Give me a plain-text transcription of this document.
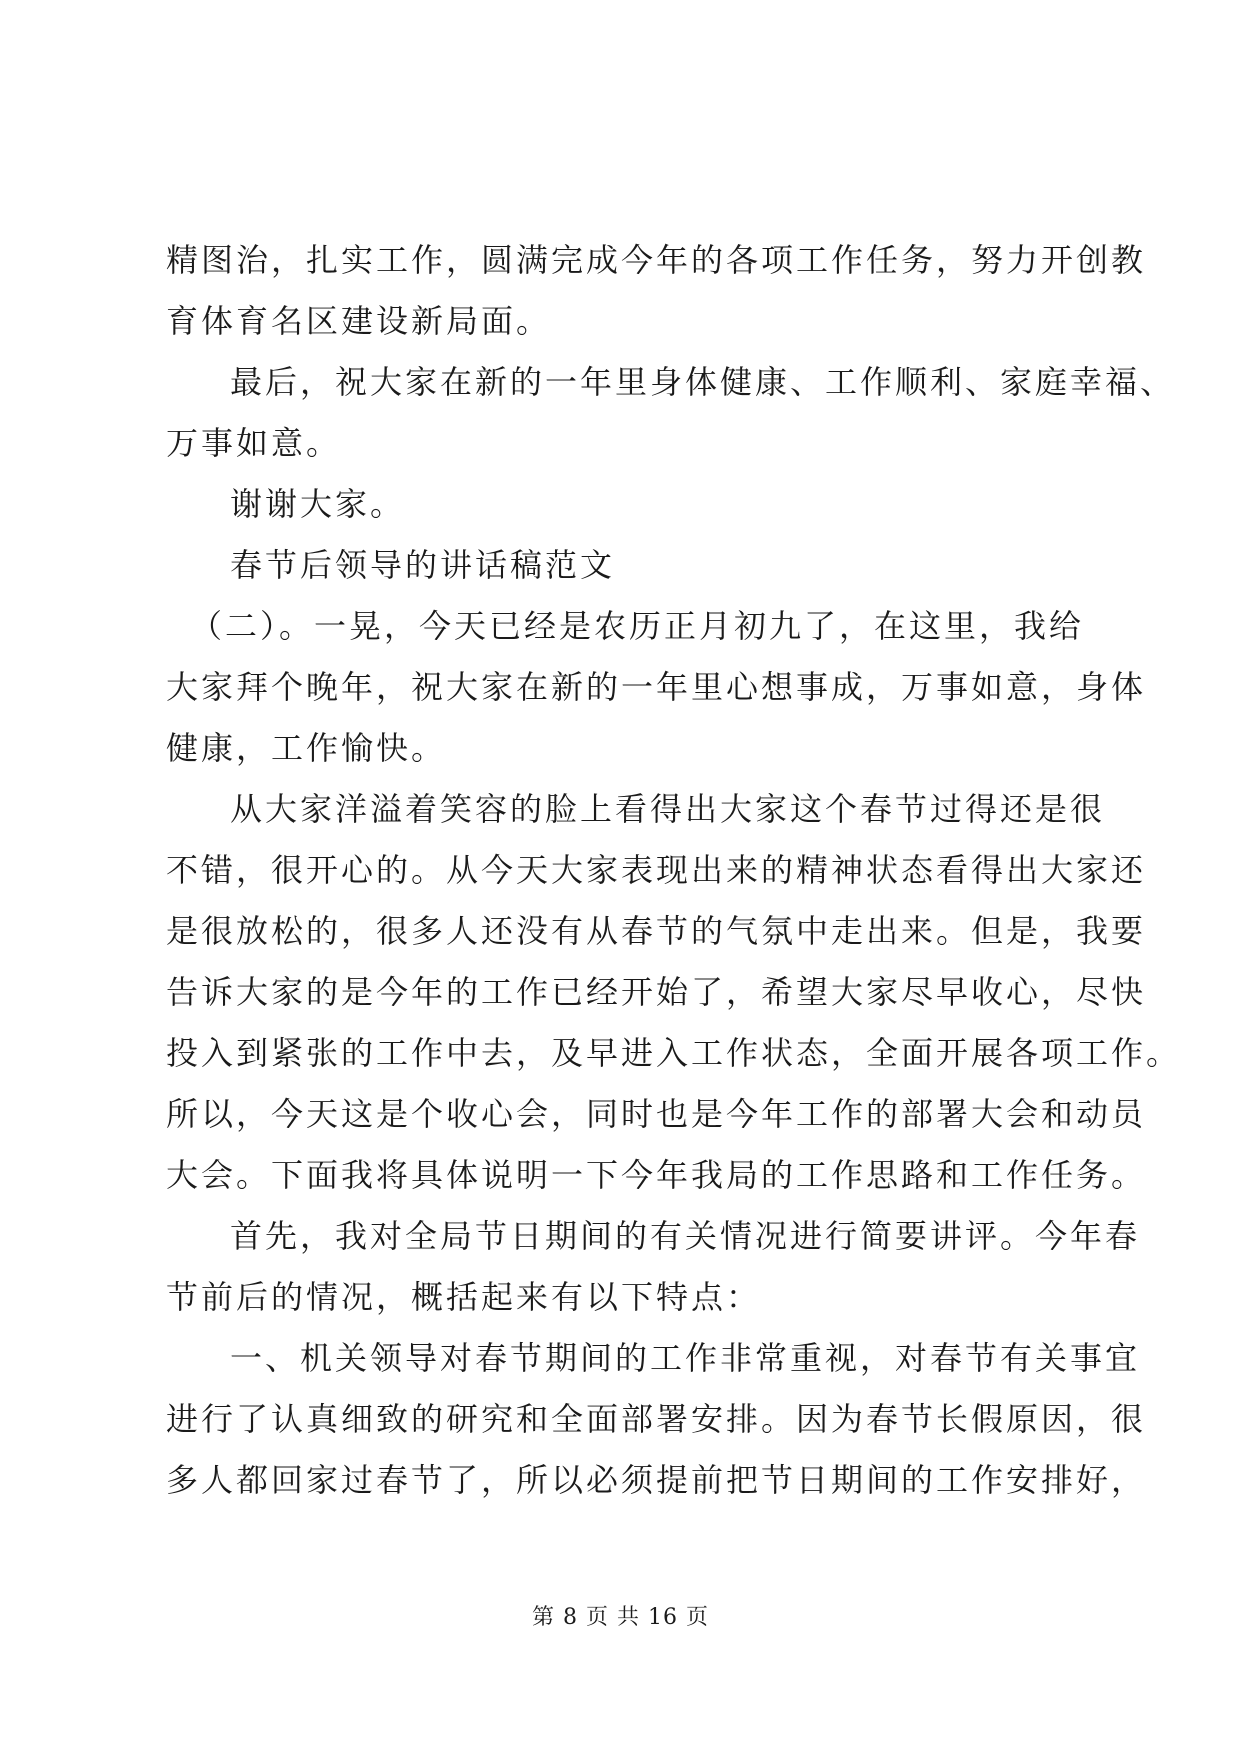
精图治，扎实工作，圆满完成今年的各项工作任务，努力开创教
育体育名区建设新局面。
最后，祝大家在新的一年里身体健康、工作顺利、家庭幸福、
万事如意。
谢谢大家。
春节后领导的讲话稿范文
（二）。一晃，今天已经是农历正月初九了，在这里，我给
大家拜个晚年，祝大家在新的一年里心想事成，万事如意，身体
健康，工作愉快。
从大家洋溢着笑容的脸上看得出大家这个春节过得还是很
不错，很开心的。从今天大家表现出来的精神状态看得出大家还
是很放松的，很多人还没有从春节的气氛中走出来。但是，我要
告诉大家的是今年的工作已经开始了，希望大家尽早收心，尽快
投入到紧张的工作中去，及早进入工作状态，全面开展各项工作。
所以，今天这是个收心会，同时也是今年工作的部署大会和动员
大会。下面我将具体说明一下今年我局的工作思路和工作任务。
首先，我对全局节日期间的有关情况进行简要讲评。今年春
节前后的情况，概括起来有以下特点：
一、机关领导对春节期间的工作非常重视，对春节有关事宜
进行了认真细致的研究和全面部署安排。因为春节长假原因，很
多人都回家过春节了，所以必须提前把节日期间的工作安排好，
第 8 页 共 16 页
